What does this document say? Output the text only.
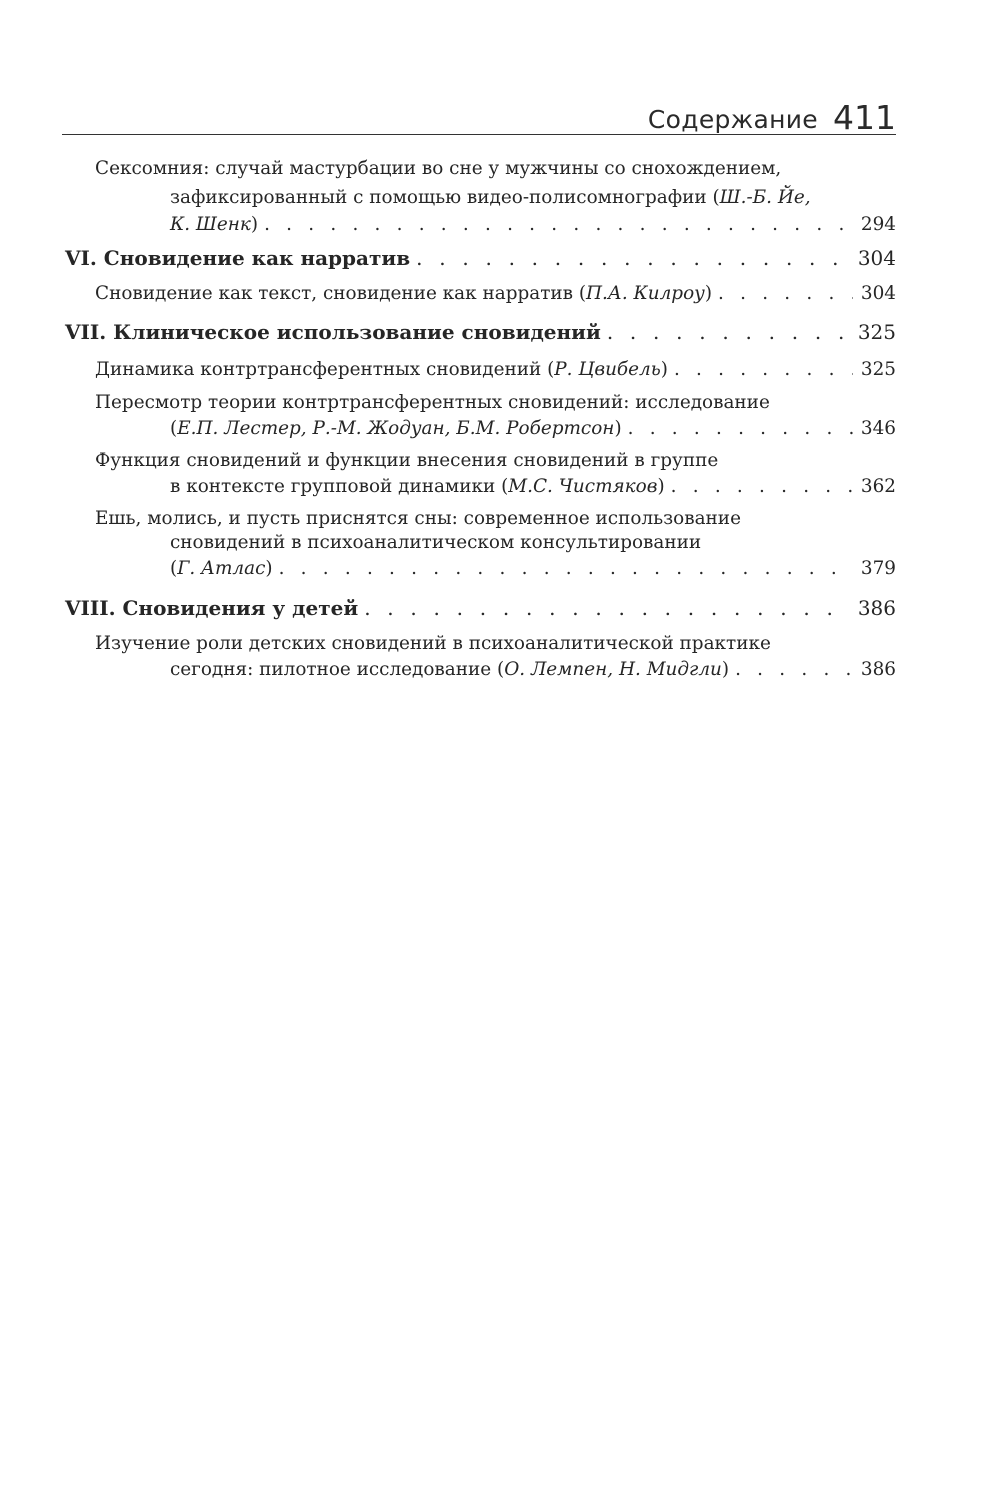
Содержание 411
Сексомния: случай мастурбации во сне у мужчины со снохождением,
зафиксированный с помощью видео-полисомнографии (Ш.-Б. Йе,
К. Шенк) . . .	294
VI. Сновидение как нарратив . . .	304
Сновидение как текст, сновидение как нарратив (П.А. Килроу) . . .	304
VII. Клиническое использование сновидений . . .	325
Динамика контртрансферентных сновидений (Р. Цвибель) . . .	325
Пересмотр теории контртрансферентных сновидений: исследование
(Е.П. Лестер, Р.-М. Жодуан, Б.М. Робертсон) . . .	346
Функция сновидений и функции внесения сновидений в группе
в контексте групповой динамики (М.С. Чистяков) . . .	362
Ешь, молись, и пусть приснятся сны: современное использование
сновидений в психоаналитическом консультировании
(Г. Атлас) . . .	379
VIII. Сновидения у детей . . .	386
Изучение роли детских сновидений в психоаналитической практике
сегодня: пилотное исследование (О. Лемпен, Н. Мидгли) . . .	386
